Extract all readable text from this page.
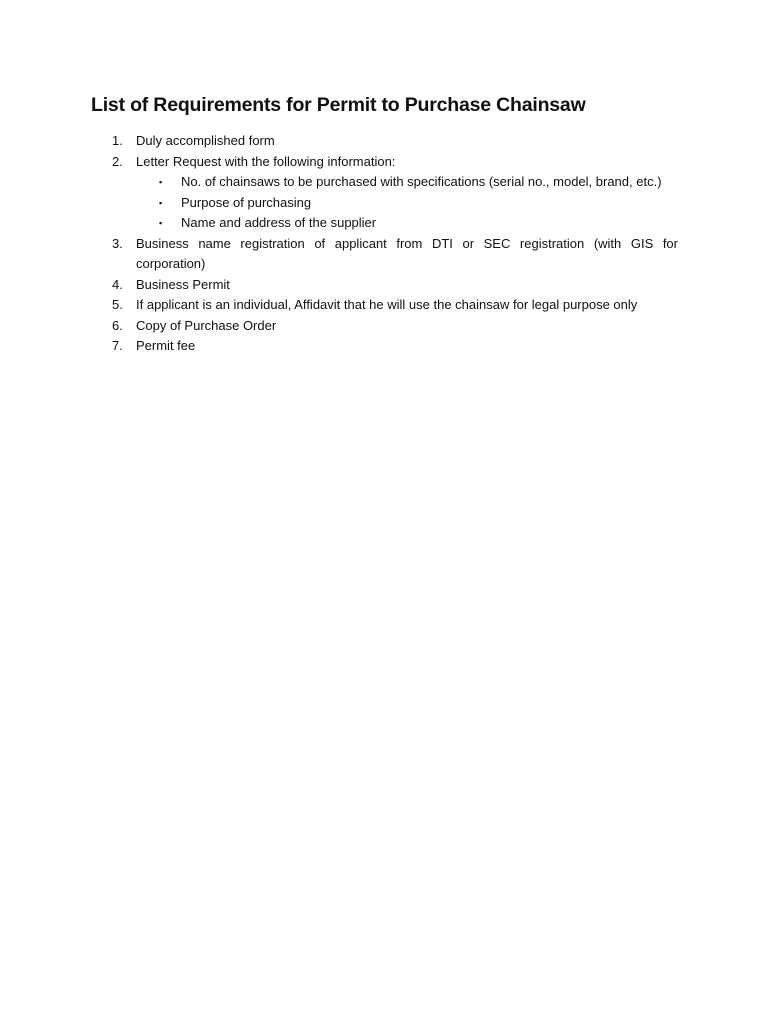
List of Requirements for Permit to Purchase Chainsaw
1. Duly accomplished form
2. Letter Request with the following information:
▪ No. of chainsaws to be purchased with specifications (serial no., model, brand, etc.)
▪ Purpose of purchasing
▪ Name and address of the supplier
3. Business name registration of applicant from DTI or SEC registration (with GIS for corporation)
4. Business Permit
5. If applicant is an individual, Affidavit that he will use the chainsaw for legal purpose only
6. Copy of Purchase Order
7. Permit fee
